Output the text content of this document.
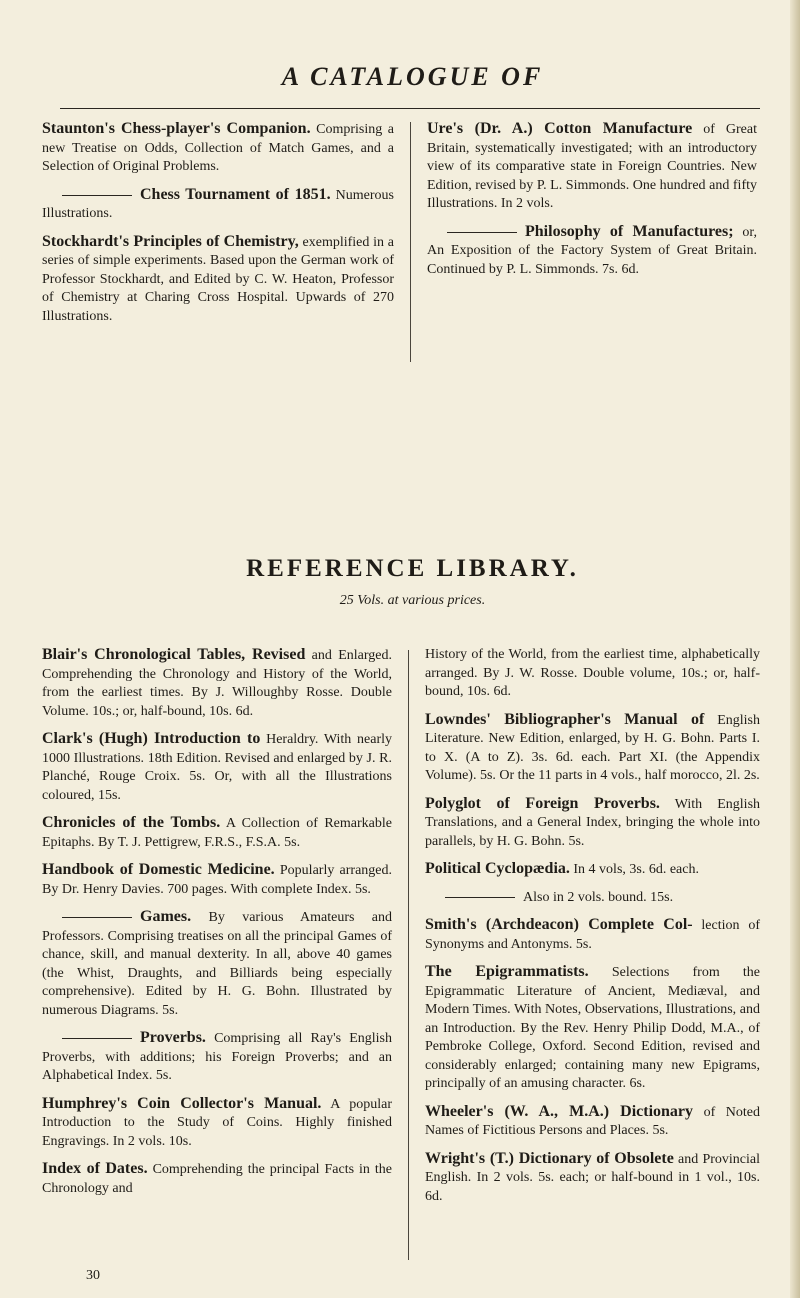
A CATALOGUE OF
Staunton's Chess-player's Companion. Comprising a new Treatise on Odds, Collection of Match Games, and a Selection of Original Problems.
Chess Tournament of 1851. Numerous Illustrations.
Stockhardt's Principles of Chemistry, exemplified in a series of simple experiments. Based upon the German work of Professor Stockhardt, and Edited by C. W. Heaton, Professor of Chemistry at Charing Cross Hospital. Upwards of 270 Illustrations.
Ure's (Dr. A.) Cotton Manufacture of Great Britain, systematically investigated; with an introductory view of its comparative state in Foreign Countries. New Edition, revised by P. L. Simmonds. One hundred and fifty Illustrations. In 2 vols.
Philosophy of Manufactures; or, An Exposition of the Factory System of Great Britain. Continued by P. L. Simmonds. 7s. 6d.
REFERENCE LIBRARY.
25 Vols. at various prices.
Blair's Chronological Tables, Revised and Enlarged. Comprehending the Chronology and History of the World, from the earliest times. By J. Willoughby Rosse. Double Volume. 10s.; or, half-bound, 10s. 6d.
Clark's (Hugh) Introduction to Heraldry. With nearly 1000 Illustrations. 18th Edition. Revised and enlarged by J. R. Planché, Rouge Croix. 5s. Or, with all the Illustrations coloured, 15s.
Chronicles of the Tombs. A Collection of Remarkable Epitaphs. By T. J. Pettigrew, F.R.S., F.S.A. 5s.
Handbook of Domestic Medicine. Popularly arranged. By Dr. Henry Davies. 700 pages. With complete Index. 5s.
Games. By various Amateurs and Professors. Comprising treatises on all the principal Games of chance, skill, and manual dexterity. In all, above 40 games (the Whist, Draughts, and Billiards being especially comprehensive). Edited by H. G. Bohn. Illustrated by numerous Diagrams. 5s.
Proverbs. Comprising all Ray's English Proverbs, with additions; his Foreign Proverbs; and an Alphabetical Index. 5s.
Humphrey's Coin Collector's Manual. A popular Introduction to the Study of Coins. Highly finished Engravings. In 2 vols. 10s.
Index of Dates. Comprehending the principal Facts in the Chronology and
History of the World, from the earliest time, alphabetically arranged. By J. W. Rosse. Double volume, 10s.; or, half-bound, 10s. 6d.
Lowndes' Bibliographer's Manual of English Literature. New Edition, enlarged, by H. G. Bohn. Parts I. to X. (A to Z). 3s. 6d. each. Part XI. (the Appendix Volume). 5s. Or the 11 parts in 4 vols., half morocco, 2l. 2s.
Polyglot of Foreign Proverbs. With English Translations, and a General Index, bringing the whole into parallels, by H. G. Bohn. 5s.
Political Cyclopædia. In 4 vols, 3s. 6d. each.
Also in 2 vols. bound. 15s.
Smith's (Archdeacon) Complete Col- lection of Synonyms and Antonyms. 5s.
The Epigrammatists. Selections from the Epigrammatic Literature of Ancient, Mediæval, and Modern Times. With Notes, Observations, Illustrations, and an Introduction. By the Rev. Henry Philip Dodd, M.A., of Pembroke College, Oxford. Second Edition, revised and considerably enlarged; containing many new Epigrams, principally of an amusing character. 6s.
Wheeler's (W. A., M.A.) Dictionary of Noted Names of Fictitious Persons and Places. 5s.
Wright's (T.) Dictionary of Obsolete and Provincial English. In 2 vols. 5s. each; or half-bound in 1 vol., 10s. 6d.
30
